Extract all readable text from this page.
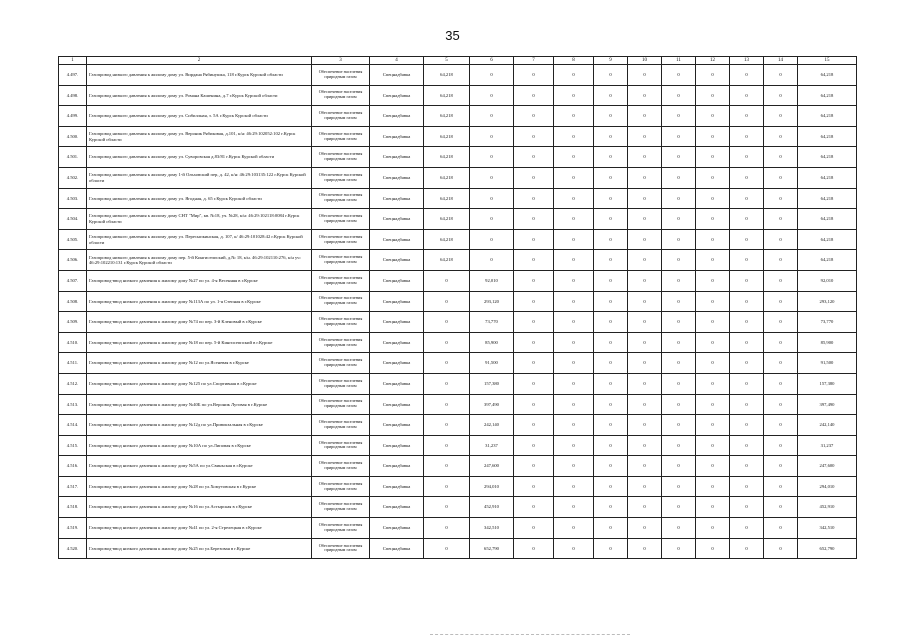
35
1	2	3	4	5	6	7	8	9	10	11	12	13	14	15
4.497.	Газопровод низкого давления к жилому дому ул. Вирдана Рябинушка, 118 г.Курск Курской области	Обеспечение населения природным газом	Спецнадбавка	64,218	0	0	0	0	0	0	0	0	0	64,218
4.498.	Газопровод низкого давления к жилому дому ул. Романа Кашенина, д.7 г.Курск Курской области	Обеспечение населения природным газом	Спецнадбавка	64,218	0	0	0	0	0	0	0	0	0	64,218
4.499.	Газопровод низкого давления к жилому дому ул. Сибиллная, з. 5А г.Курск Курской области	Обеспечение населения природным газом	Спецнадбавка	64,218	0	0	0	0	0	0	0	0	0	64,218
4.500.	Газопровод низкого давления к жилому дому ул. Вероник Рябиковая, д.101, к/н: 46:29:102052:102 г.Курск Курской области	Обеспечение населения природным газом	Спецнадбавка	64,218	0	0	0	0	0	0	0	0	0	64,218
4.501.	Газопровод низкого давления к жилому дому ул. Суворовская д.83/81 г.Курск Курской области	Обеспечение населения природным газом	Спецнадбавка	64,218	0	0	0	0	0	0	0	0	0	64,218
4.502.	Газопровод низкого давления к жилому дому 1-й Ольховский пер, д. 42, к/н: 46:29:103135:122 г.Курск Курской области	Обеспечение населения природным газом	Спецнадбавка	64,218	0	0	0	0	0	0	0	0	0	64,218
4.503.	Газопровод низкого давления к жилому дому ул. Ягодная, д. 65 г.Курск Курской области	Обеспечение населения природным газом	Спецнадбавка	64,218	0	0	0	0	0	0	0	0	0	64,218
4.504.	Газопровод низкого давления к жилому дому СНТ "Мир", кв. №18, уч. №28, к/н: 46:29:102118:0084 г.Курск Курской области	Обеспечение населения природным газом	Спецнадбавка	64,218	0	0	0	0	0	0	0	0	0	64,218
4.505.	Газопровод низкого давления к жилому дому ул. Пересыпкинская, д. 107, к/ 46:29:101028:42 г.Курск Курской области	Обеспечение населения природным газом	Спецнадбавка	64,218	0	0	0	0	0	0	0	0	0	64,218
4.506.	Газопровод низкого давления к жилому дому пер. 5-й Кингисеппский, д.№ 18, к/н. 46:29:102110:276, к/н уч: 46:29:102210:131 г.Курск Курской области	Обеспечение населения природным газом	Спецнадбавка	64,218	0	0	0	0	0	0	0	0	0	64,218
4.507.	Газопровод-ввод низкого давления к жилому дому №27 по ул. 4-я Весенняя в г.Курске	Обеспечение населения природным газом	Спецнадбавка	0	92,010	0	0	0	0	0	0	0	0	92,010
4.508.	Газопровод-ввод низкого давления к жилому дому №113А по ул. 1-я Степная в г.Курске	Обеспечение населения природным газом	Спецнадбавка	0	293,120	0	0	0	0	0	0	0	0	293,120
4.509.	Газопровод-ввод низкого давления к жилому дому №74 по пер. 3-й Кленовый в г.Курске	Обеспечение населения природным газом	Спецнадбавка	0	73,770	0	0	0	0	0	0	0	0	73,770
4.510.	Газопровод-ввод низкого давления к жилому дому №18 по пер. 5-й Кингисеппский в г.Курске	Обеспечение населения природным газом	Спецнадбавка	0	85,900	0	0	0	0	0	0	0	0	85,900
4.511.	Газопровод-ввод низкого давления к жилому дому №12 по ул.Ясеневая в г.Курске	Обеспечение населения природным газом	Спецнадбавка	0	91,500	0	0	0	0	0	0	0	0	91,500
4.512.	Газопровод-ввод низкого давления к жилому дому №125 по ул.Спортивная в г.Курске	Обеспечение населения природным газом	Спецнадбавка	0	157,380	0	0	0	0	0	0	0	0	157,380
4.513.	Газопровод-ввод низкого давления к жилому дому №40Б по ул.Вероник Луговая в г.Курске	Обеспечение населения природным газом	Спецнадбавка	0	397,490	0	0	0	0	0	0	0	0	397,490
4.514.	Газопровод-ввод низкого давления к жилому дому №12д по ул.Привокзальная в г.Курске	Обеспечение населения природным газом	Спецнадбавка	0	242,140	0	0	0	0	0	0	0	0	242,140
4.515.	Газопровод-ввод низкого давления к жилому дому №10А по ул.Липовая в г.Курске	Обеспечение населения природным газом	Спецнадбавка	0	31,237	0	0	0	0	0	0	0	0	31,237
4.516.	Газопровод-ввод низкого давления к жилому дому №5А по ул.Свиньская в г.Курске	Обеспечение населения природным газом	Спецнадбавка	0	247,600	0	0	0	0	0	0	0	0	247,600
4.517.	Газопровод-ввод низкого давления к жилому дому №28 по ул.Хомутовская в г.Курске	Обеспечение населения природным газом	Спецнадбавка	0	294,010	0	0	0	0	0	0	0	0	294,010
4.518.	Газопровод-ввод низкого давления к жилому дому №16 по ул.Астырская в г.Курске	Обеспечение населения природным газом	Спецнадбавка	0	452,910	0	0	0	0	0	0	0	0	452,910
4.519.	Газопровод-ввод низкого давления к жилому дому №41 по ул. 2-я Стрелецкая в г.Курске	Обеспечение населения природным газом	Спецнадбавка	0	342,510	0	0	0	0	0	0	0	0	342,510
4.520.	Газопровод-ввод низкого давления к жилому дому №25 по ул.Березовая в г.Курске	Обеспечение населения природным газом	Спецнадбавка	0	652,790	0	0	0	0	0	0	0	0	652,790
